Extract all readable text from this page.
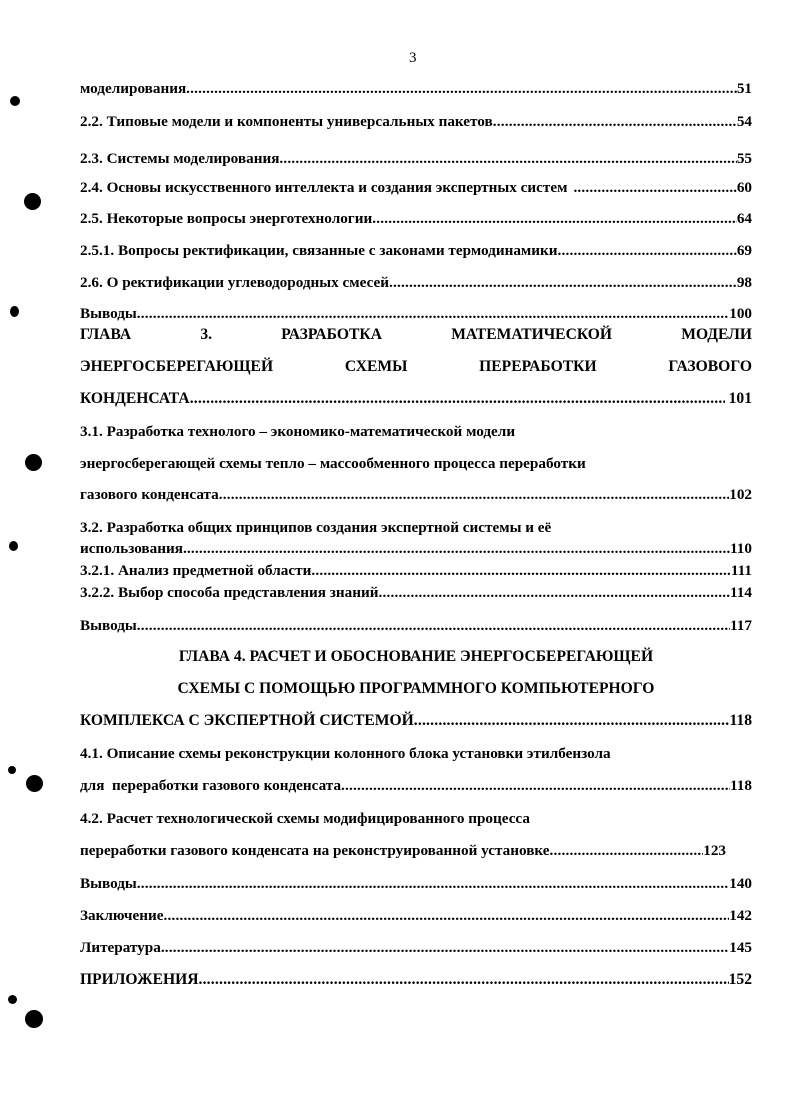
3
моделирования .....	51
2.2. Типовые модели и компоненты универсальных пакетов .....	54
2.3. Системы моделирования .....	55
2.4. Основы искусственного интеллекта и создания экспертных систем .....	60
2.5. Некоторые вопросы энерготехнологии .....	64
2.5.1. Вопросы ректификации, связанные с законами термодинамики .....	69
2.6. О ректификации углеводородных смесей .....	98
Выводы .....	100
ГЛАВА	3.	РАЗРАБОТКА	МАТЕМАТИЧЕСКОЙ	МОДЕЛИ
ЭНЕРГОСБЕРЕГАЮЩЕЙ	СХЕМЫ	ПЕРЕРАБОТКИ	ГАЗОВОГО
КОНДЕНСАТА .....	101
3.1. Разработка технолого – экономико-математической модели
энергосберегающей схемы тепло – массообменного процесса переработки
газового конденсата .....	102
3.2. Разработка общих принципов создания экспертной системы и её
использования .....	110
3.2.1. Анализ предметной области .....	111
3.2.2. Выбор способа представления знаний .....	114
Выводы .....	117
ГЛАВА 4. РАСЧЕТ И ОБОСНОВАНИЕ ЭНЕРГОСБЕРЕГАЮЩЕЙ
СХЕМЫ С ПОМОЩЬЮ ПРОГРАММНОГО КОМПЬЮТЕРНОГО
КОМПЛЕКСА С ЭКСПЕРТНОЙ СИСТЕМОЙ .....	118
4.1. Описание схемы реконструкции колонного блока установки этилбензола
для  переработки газового конденсата .....	118
4.2. Расчет технологической схемы модифицированного процесса
переработки газового конденсата на реконструированной установке .....	123
Выводы .....	140
Заключение .....	142
Литература .....	145
ПРИЛОЖЕНИЯ .....	152
